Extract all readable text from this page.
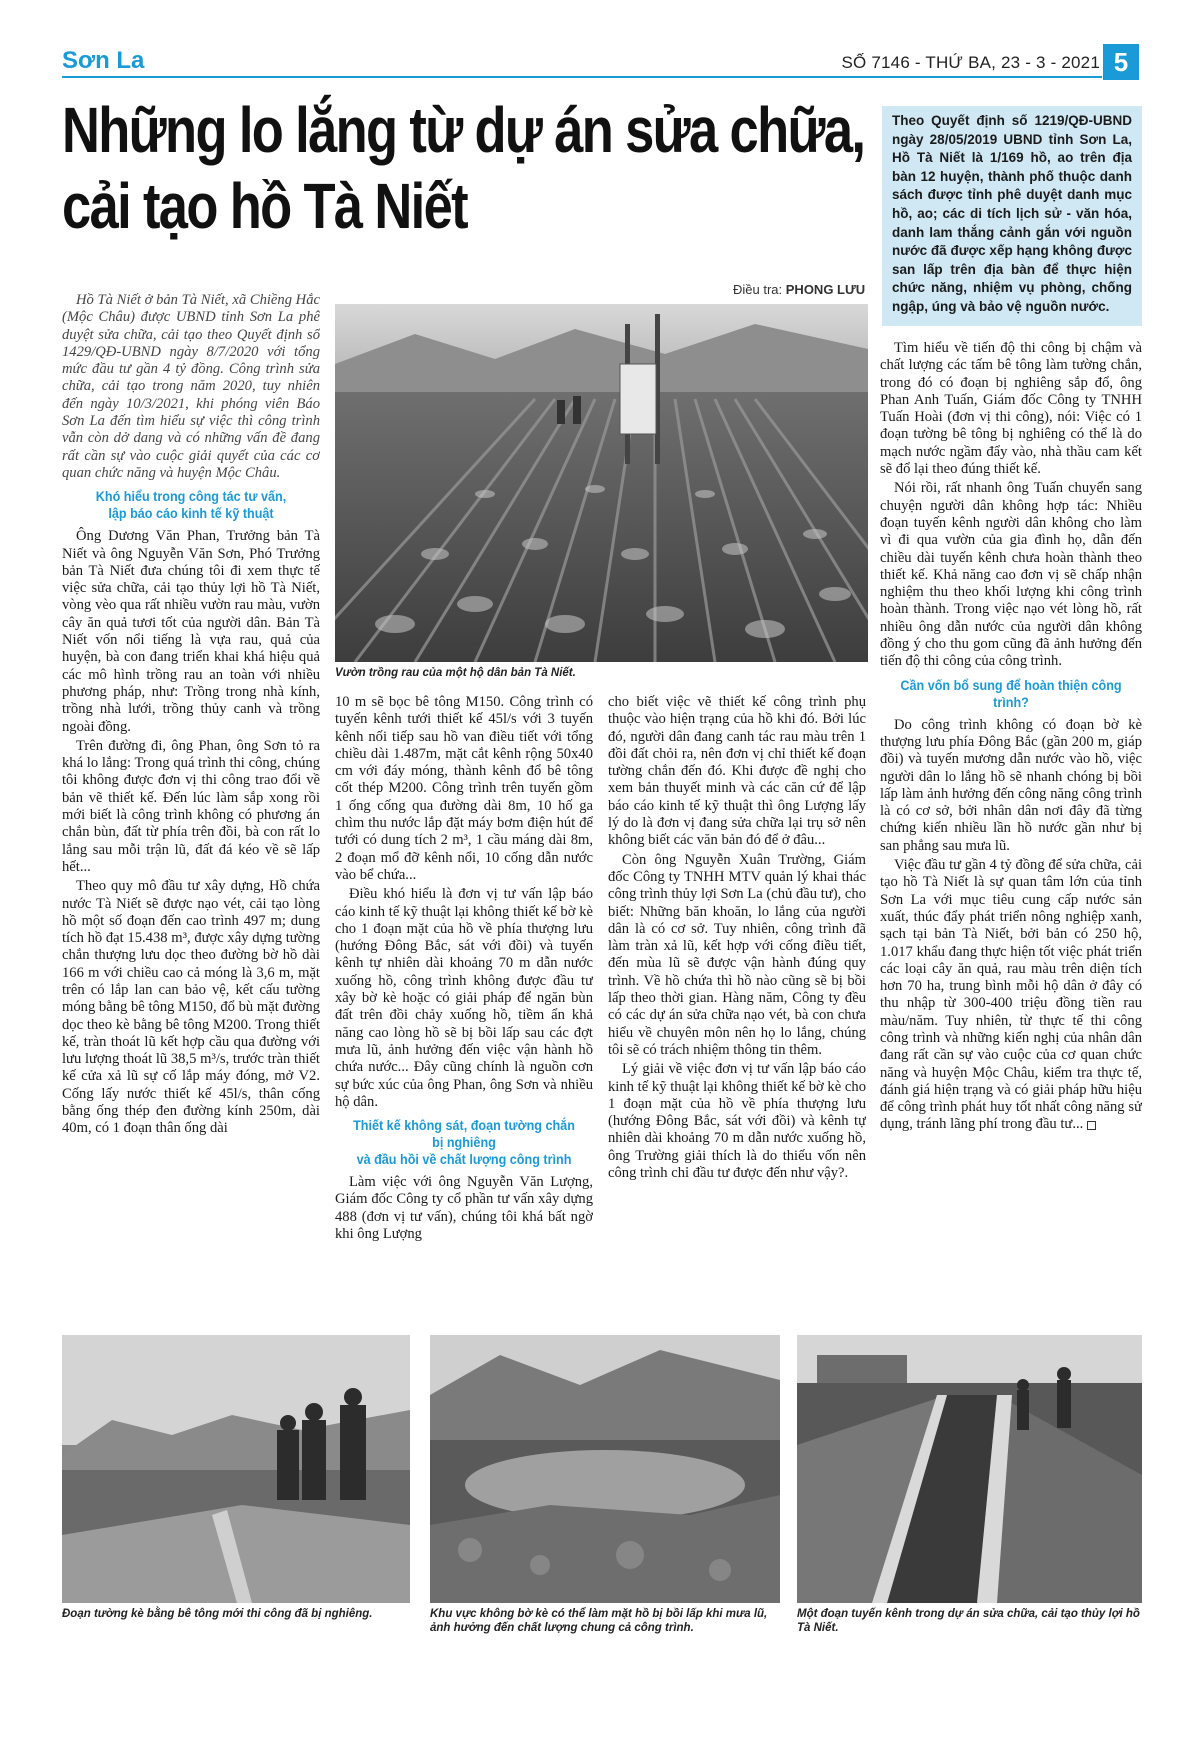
Sơn La	SỐ 7146 - THỨ BA, 23 - 3 - 2021 5
Những lo lắng từ dự án sửa chữa,
cải tạo hồ Tà Niết
Theo Quyết định số 1219/QĐ-UBND ngày 28/05/2019 UBND tỉnh Sơn La, Hồ Tà Niết là 1/169 hồ, ao trên địa bàn 12 huyện, thành phố thuộc danh sách được tỉnh phê duyệt danh mục hồ, ao; các di tích lịch sử - văn hóa, danh lam thắng cảnh gắn với nguồn nước đã được xếp hạng không được san lấp trên địa bàn để thực hiện chức năng, nhiệm vụ phòng, chống ngập, úng và bảo vệ nguồn nước.
Điều tra: PHONG LƯU

Hồ Tà Niết ở bản Tà Niết, xã Chiềng Hắc (Mộc Châu) được UBND tỉnh Sơn La phê duyệt sửa chữa, cải tạo theo Quyết định số 1429/QĐ-UBND ngày 8/7/2020 với tổng mức đầu tư gần 4 tỷ đồng. Công trình sửa chữa, cải tạo trong năm 2020, tuy nhiên đến ngày 10/3/2021, khi phóng viên Báo Sơn La đến tìm hiểu sự việc thì công trình vẫn còn dở dang và có những vấn đề đang rất cần sự vào cuộc giải quyết của các cơ quan chức năng và huyện Mộc Châu.

Khó hiểu trong công tác tư vấn,
lập báo cáo kinh tế kỹ thuật

Ông Dương Văn Phan, Trưởng bản Tà Niết và ông Nguyễn Văn Sơn, Phó Trưởng bản Tà Niết đưa chúng tôi đi xem thực tế việc sửa chữa, cải tạo thủy lợi hồ Tà Niết, vòng vèo qua rất nhiều vườn rau màu, vườn cây ăn quả tươi tốt của người dân. Bản Tà Niết vốn nổi tiếng là vựa rau, quả của huyện, bà con đang triển khai khá hiệu quả các mô hình trồng rau an toàn với nhiều phương pháp, như: Trồng trong nhà kính, trồng nhà lưới, trồng thủy canh và trồng ngoài đồng.

Trên đường đi, ông Phan, ông Sơn tỏ ra khá lo lắng: Trong quá trình thi công, chúng tôi không được đơn vị thi công trao đổi về bản vẽ thiết kế. Đến lúc làm sắp xong rồi mới biết là công trình không có phương án chắn bùn, đất từ phía trên đồi, bà con rất lo lắng sau mỗi trận lũ, đất đá kéo về sẽ lấp hết...

Theo quy mô đầu tư xây dựng, Hồ chứa nước Tà Niết sẽ được nạo vét, cải tạo lòng hồ một số đoạn đến cao trình 497 m; dung tích hồ đạt 15.438 m³, được xây dựng tường chắn thượng lưu dọc theo đường bờ hồ dài 166 m với chiều cao cả móng là 3,6 m, mặt trên có lắp lan can bảo vệ, kết cấu tường móng bằng bê tông M150, đổ bù mặt đường dọc theo kè bằng bê tông M200. Trong thiết kế, tràn thoát lũ kết hợp cầu qua đường với lưu lượng thoát lũ 38,5 m³/s, trước tràn thiết kế cửa xả lũ sự cố lắp máy đóng, mở V2. Cống lấy nước thiết kế 45l/s, thân cống bằng ống thép đen đường kính 250m, dài 40m, có 1 đoạn thân ống dài

Vườn trồng rau của một hộ dân bản Tà Niết.

10 m sẽ bọc bê tông M150. Công trình có tuyến kênh tưới thiết kế 45l/s với 3 tuyến kênh nối tiếp sau hồ van điều tiết với tổng chiều dài 1.487m, mặt cắt kênh rộng 50x40 cm với đáy móng, thành kênh đổ bê tông cốt thép M200. Công trình trên tuyến gồm 1 ống cống qua đường dài 8m, 10 hố ga chìm thu nước lắp đặt máy bơm điện hút để tưới có dung tích 2 m³, 1 cầu máng dài 8m, 2 đoạn mổ đỡ kênh nổi, 10 cống dẫn nước vào bể chứa...

Điều khó hiểu là đơn vị tư vấn lập báo cáo kinh tế kỹ thuật lại không thiết kế bờ kè cho 1 đoạn mặt của hồ về phía thượng lưu (hướng Đông Bắc, sát với đồi) và tuyến kênh tự nhiên dài khoảng 70 m dẫn nước xuống hồ, công trình không được đầu tư xây bờ kè hoặc có giải pháp để ngăn bùn đất trên đồi chảy xuống hồ, tiềm ẩn khả năng cao lòng hồ sẽ bị bồi lấp sau các đợt mưa lũ, ảnh hưởng đến việc vận hành hồ chứa nước... Đây cũng chính là nguồn cơn sự bức xúc của ông Phan, ông Sơn và nhiều hộ dân.

Thiết kế không sát, đoạn tường chắn bị nghiêng
và đầu hồi về chất lượng công trình

Làm việc với ông Nguyễn Văn Lượng, Giám đốc Công ty cổ phần tư vấn xây dựng 488 (đơn vị tư vấn), chúng tôi khá bất ngờ khi ông Lượng

cho biết việc vẽ thiết kế công trình phụ thuộc vào hiện trạng của hồ khi đó. Bởi lúc đó, người dân đang canh tác rau màu trên 1 đồi đất chỏi ra, nên đơn vị chỉ thiết kế đoạn tường chắn đến đó. Khi được đề nghị cho xem bản thuyết minh và các căn cứ để lập báo cáo kinh tế kỹ thuật thì ông Lượng lấy lý do là đơn vị đang sửa chữa lại trụ sở nên không biết các văn bản đó để ở đâu...

Còn ông Nguyễn Xuân Trường, Giám đốc Công ty TNHH MTV quản lý khai thác công trình thủy lợi Sơn La (chủ đầu tư), cho biết: Những băn khoăn, lo lắng của người dân là có cơ sở. Tuy nhiên, công trình đã làm tràn xả lũ, kết hợp với cống điều tiết, đến mùa lũ sẽ được vận hành đúng quy trình. Về hồ chứa thì hồ nào cũng sẽ bị bồi lấp theo thời gian. Hàng năm, Công ty đều có các dự án sửa chữa nạo vét, bà con chưa hiểu về chuyên môn nên họ lo lắng, chúng tôi sẽ có trách nhiệm thông tin thêm.

Lý giải về việc đơn vị tư vấn lập báo cáo kinh tế kỹ thuật lại không thiết kế bờ kè cho 1 đoạn mặt của hồ về phía thượng lưu (hướng Đông Bắc, sát với đồi) và kênh tự nhiên dài khoảng 70 m dẫn nước xuống hồ, ông Trường giải thích là do thiếu vốn nên công trình chỉ đầu tư được đến như vậy?.

Tìm hiểu về tiến độ thi công bị chậm và chất lượng các tấm bê tông làm tường chắn, trong đó có đoạn bị nghiêng sắp đổ, ông Phan Anh Tuấn, Giám đốc Công ty TNHH Tuấn Hoài (đơn vị thi công), nói: Việc có 1 đoạn tường bê tông bị nghiêng có thể là do mạch nước ngầm đẩy vào, nhà thầu cam kết sẽ đổ lại theo đúng thiết kế.

Nói rồi, rất nhanh ông Tuấn chuyển sang chuyện người dân không hợp tác: Nhiều đoạn tuyến kênh người dân không cho làm vì đi qua vườn của gia đình họ, dẫn đến chiều dài tuyến kênh chưa hoàn thành theo thiết kế. Khả năng cao đơn vị sẽ chấp nhận nghiệm thu theo khối lượng khi công trình hoàn thành. Trong việc nạo vét lòng hồ, rất nhiều ông dẫn nước của người dân không đồng ý cho thu gom cũng đã ảnh hưởng đến tiến độ thi công của công trình.

Cần vốn bổ sung để hoàn thiện công trình?

Do công trình không có đoạn bờ kè thượng lưu phía Đông Bắc (gần 200 m, giáp đồi) và tuyến mương dẫn nước vào hồ, việc người dân lo lắng hồ sẽ nhanh chóng bị bồi lấp làm ảnh hưởng đến công năng công trình là có cơ sở, bởi nhân dân nơi đây đã từng chứng kiến nhiều lần hồ nước gần như bị san phẳng sau mưa lũ.

Việc đầu tư gần 4 tỷ đồng để sửa chữa, cải tạo hồ Tà Niết là sự quan tâm lớn của tỉnh Sơn La với mục tiêu cung cấp nước sản xuất, thúc đẩy phát triển nông nghiệp xanh, sạch tại bản Tà Niết, bởi bản có 250 hộ, 1.017 khẩu đang thực hiện tốt việc phát triển các loại cây ăn quả, rau màu trên diện tích hơn 70 ha, trung bình mỗi hộ dân ở đây có thu nhập từ 300-400 triệu đồng tiền rau màu/năm. Tuy nhiên, từ thực tế thi công công trình và những kiến nghị của nhân dân đang rất cần sự vào cuộc của cơ quan chức năng và huyện Mộc Châu, kiểm tra thực tế, đánh giá hiện trạng và có giải pháp hữu hiệu để công trình phát huy tốt nhất công năng sử dụng, tránh lãng phí trong đầu tư...

Đoạn tường kè bằng bê tông mới thi công đã bị nghiêng.	Khu vực không bờ kè có thể làm mặt hồ bị bồi lấp khi mưa lũ, ảnh hưởng đến chất lượng chung cả công trình.
Một đoạn tuyến kênh trong dự án sửa chữa, cải tạo thủy lợi hồ Tà Niết.
